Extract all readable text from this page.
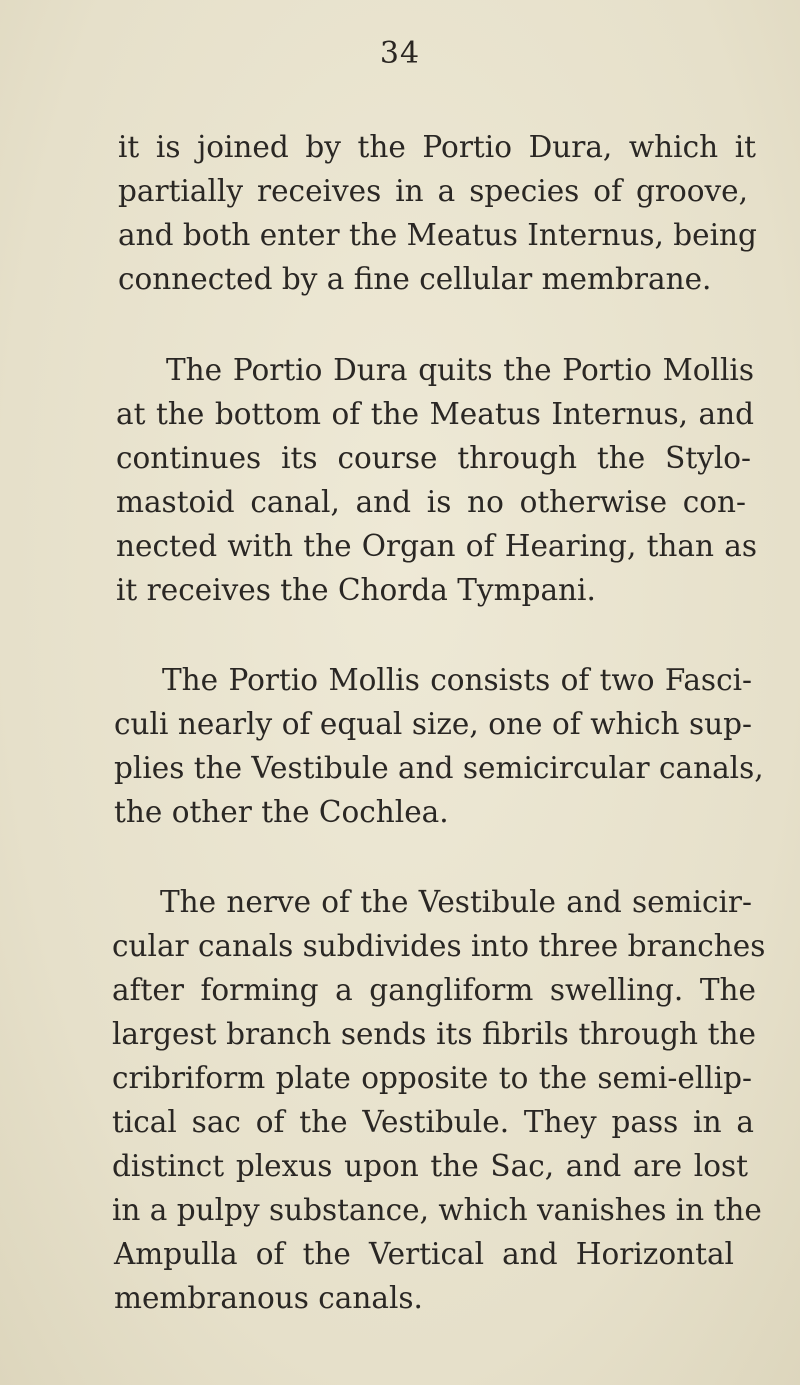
34
it is joined by the Portio Dura, which it
partially receives in a species of groove,
and both enter the Meatus Internus, being
connected by a fine cellular membrane.
The Portio Dura quits the Portio Mollis
at the bottom of the Meatus Internus, and
continues its course through the Stylo-
mastoid canal, and is no otherwise con-
nected with the Organ of Hearing, than as
it receives the Chorda Tympani.
The Portio Mollis consists of two Fasci-
culi nearly of equal size, one of which sup-
plies the Vestibule and semicircular canals,
the other the Cochlea.
The nerve of the Vestibule and semicir-
cular canals subdivides into three branches
after forming a gangliform swelling. The
largest branch sends its fibrils through the
cribriform plate opposite to the semi-ellip-
tical sac of the Vestibule. They pass in a
distinct plexus upon the Sac, and are lost
in a pulpy substance, which vanishes in the
Ampulla of the Vertical and Horizontal
membranous canals.
